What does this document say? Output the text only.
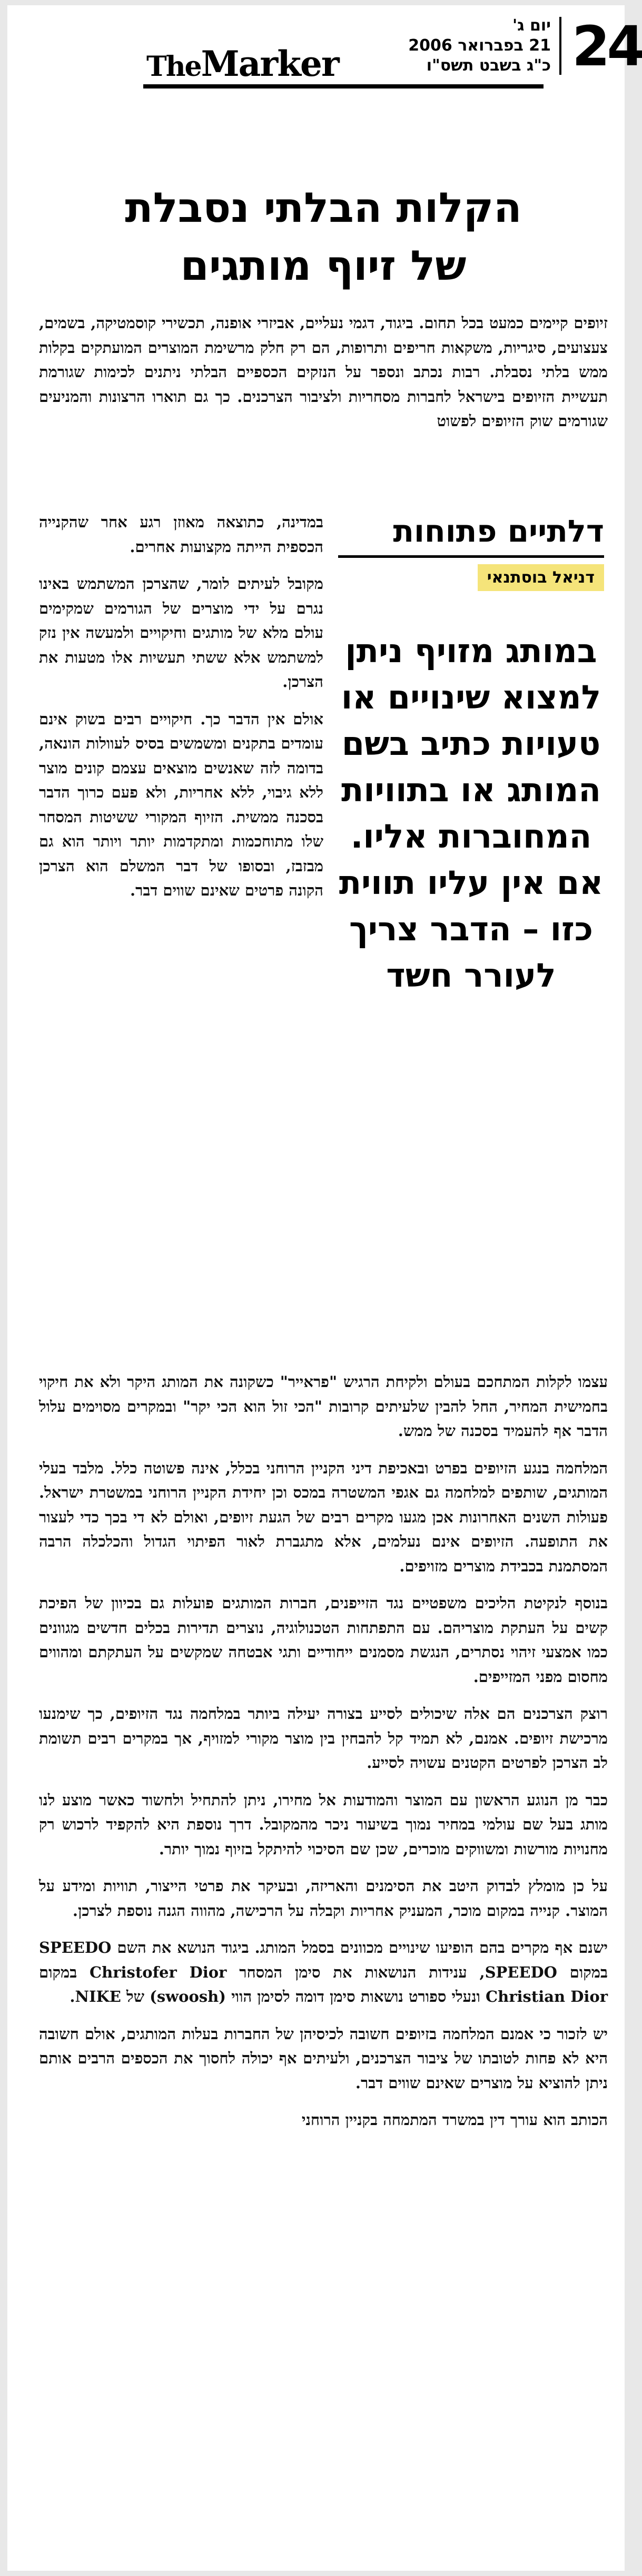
24
יום ג'
21 בפברואר 2006
כ"ג בשבט תשס"ו
TheMarker
הקלות הבלתי נסבלת
של זיוף מותגים

זיופים קיימים כמעט בכל תחום. ביגוד, דגמי נעליים, אביזרי אופנה, תכשירי קוסמטיקה, בשמים, צעצועים, סיגריות, משקאות חריפים ותרופות, הם רק חלק מרשימת המוצרים המועתקים בקלות ממש בלתי נסבלת. רבות נכתב ונספר על הנזקים הכספיים הבלתי ניתנים לכימות שגורמת תעשיית הזיופים בישראל לחברות מסחריות ולציבור הצרכנים. כך גם תוארו הרצונות והמניעים שגורמים שוק הזיופים לפשוט

במדינה, כתוצאה מאוזן רגע אחר שהקנייה הכספית הייתה מקצועות אחרים.

מקובל לעיתים לומר, שהצרכן המשתמש באינו נגרם על ידי מוצרים של הגורמים שמקימים עולם מלא של מותגים וחיקויים ולמעשה אין נזק למשתמש אלא ששתי תעשיות אלו מטעות את הצרכן.

אולם אין הדבר כך. חיקויים רבים בשוק אינם עומדים בתקנים ומשמשים בסיס לעוולות הונאה, בדומה לזה שאנשים מוצאים עצמם קונים מוצר ללא גיבוי, ללא אחריות, ולא פעם כרוך הדבר בסכנה ממשית. הזיוף המקורי ששיטות המסחר שלו מתוחכמות ומתקדמות יותר ויותר הוא גם מבזבז, ובסופו של דבר המשלם הוא הצרכן הקונה פרטים שאינם שווים דבר.

דלתיים פתוחות
דניאל בוסתנאי
במותג מזויף ניתן למצוא שינויים או טעויות כתיב בשם המותג או בתוויות המחוברות אליו. אם אין עליו תווית כזו – הדבר צריך לעורר חשד

עצמו לקלות המתחכם בעולם ולקיחת הרגיש "פראייר" כשקונה את המותג היקר ולא את חיקוי בחמישית המחיר, החל להבין שלעיתים קרובות "הכי זול הוא הכי יקר" ובמקרים מסוימים עלול הדבר אף להעמיד בסכנה של ממש.

המלחמה בנגע הזיופים בפרט ובאכיפת דיני הקניין הרוחני בכלל, אינה פשוטה כלל. מלבד בעלי המותגים, שותפים למלחמה גם אגפי המשטרה במכס וכן יחידת הקניין הרוחני במשטרת ישראל. פעולות השנים האחרונות אכן מגעו מקרים רבים של הגעת זיופים, ואולם לא די בכך כדי לעצור את התופעה. הזיופים אינם נעלמים, אלא מתגברת לאור הפיתוי הגדול והכלכלה הרבה המסתמנת בכבידת מוצרים מזויפים.

בנוסף לנקיטת הליכים משפטיים נגד הזייפנים, חברות המותגים פועלות גם בכיוון של הפיכת קשים על העתקת מוצריהם. עם התפתחות הטכנולוגיה, נוצרים תדירות בכלים חדשים מגוונים כמו אמצעי זיהוי נסתרים, הנגשת מסמנים ייחודיים ותגי אבטחה שמקשים על העתקתם ומהווים מחסום מפני המזייפים.

רוצק הצרכנים הם אלה שיכולים לסייע בצורה יעילה ביותר במלחמה נגד הזיופים, כך שימנעו מרכישת זיופים. אמנם, לא תמיד קל להבחין בין מוצר מקורי למזויף, אך במקרים רבים תשומת לב הצרכן לפרטים הקטנים עשויה לסייע.

כבר מן הנוגע הראשון עם המוצר והמודעות אל מחירו, ניתן להתחיל ולחשוד כאשר מוצע לנו מותג בעל שם עולמי במחיר נמוך בשיעור ניכר מהמקובל. דרך נוספת היא להקפיד לרכוש רק מחנויות מורשות ומשווקים מוכרים, שכן שם הסיכוי להיתקל בזיוף נמוך יותר.

על כן מומלץ לבדוק היטב את הסימנים והאריזה, ובעיקר את פרטי הייצור, תוויות ומידע על המוצר. קנייה במקום מוכר, המעניק אחריות וקבלה על הרכישה, מהווה הגנה נוספת לצרכן.

ישנם אף מקרים בהם הופיעו שינויים מכוונים בסמל המותג. ביגוד הנושא את השם SPEEDO במקום SPEEDO, ענידות הנושאות את סימן המסחר Christofer Dior במקום Christian Dior ונעלי ספורט נושאות סימן דומה לסימן הווי (swoosh) של NIKE.

יש לזכור כי אמנם המלחמה בזיופים חשובה לכיסיהן של החברות בעלות המותגים, אולם חשובה היא לא פחות לטובתו של ציבור הצרכנים, ולעיתים אף יכולה לחסוך את הכספים הרבים אותם ניתן להוציא על מוצרים שאינם שווים דבר.

הכותב הוא עורך דין במשרד המתמחה בקניין הרוחני
